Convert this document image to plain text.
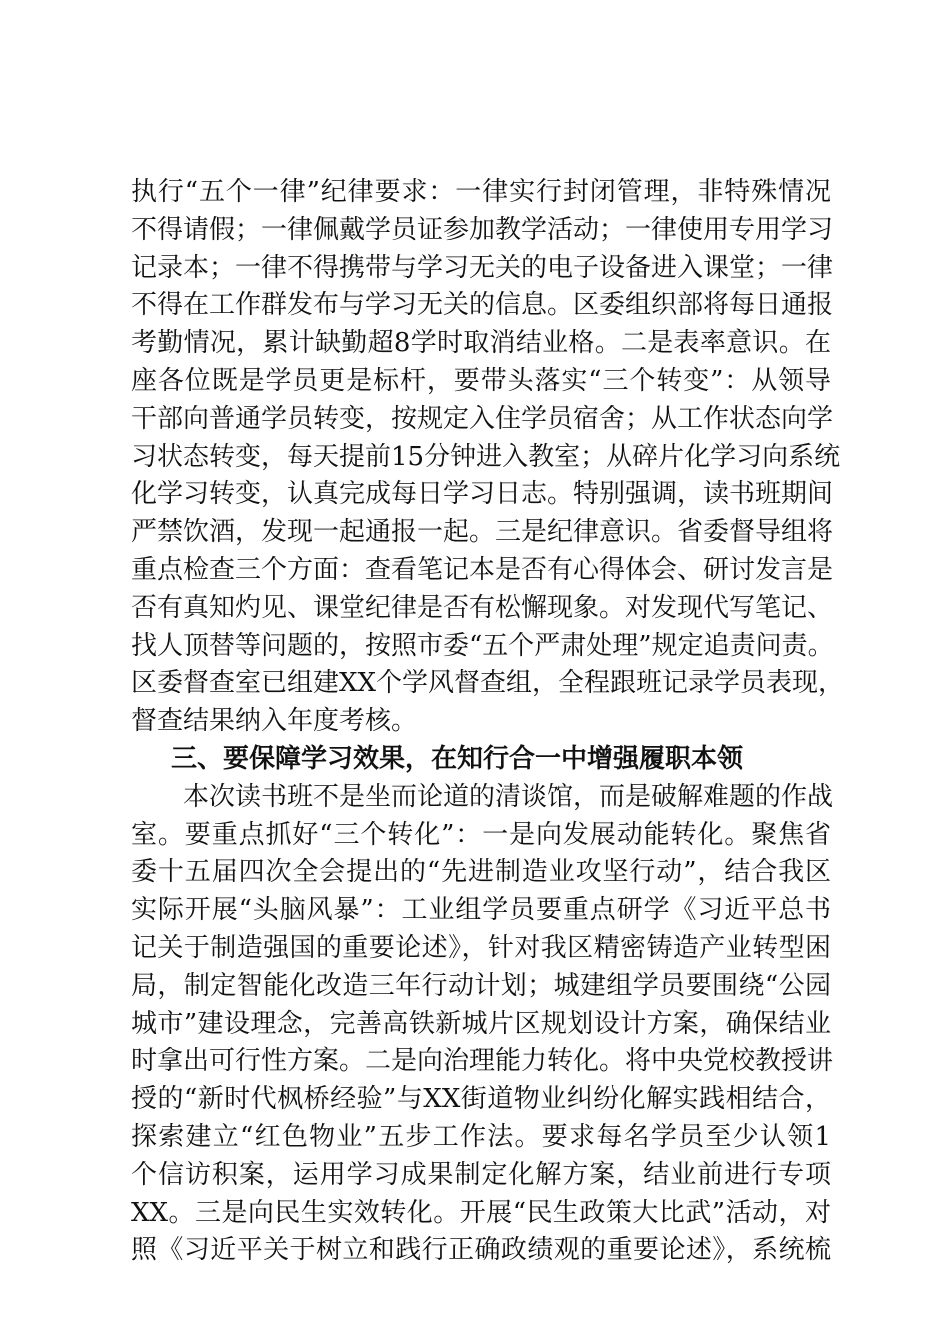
执行“五个一律”纪律要求：一律实行封闭管理，非特殊情况
不得请假；一律佩戴学员证参加教学活动；一律使用专用学习
记录本；一律不得携带与学习无关的电子设备进入课堂；一律
不得在工作群发布与学习无关的信息。区委组织部将每日通报
考勤情况，累计缺勤超8学时取消结业格。二是表率意识。在
座各位既是学员更是标杆，要带头落实“三个转变”：从领导
干部向普通学员转变，按规定入住学员宿舍；从工作状态向学
习状态转变，每天提前15分钟进入教室；从碎片化学习向系统
化学习转变，认真完成每日学习日志。特别强调，读书班期间
严禁饮酒，发现一起通报一起。三是纪律意识。省委督导组将
重点检查三个方面：查看笔记本是否有心得体会、研讨发言是
否有真知灼见、课堂纪律是否有松懈现象。对发现代写笔记、
找人顶替等问题的，按照市委“五个严肃处理”规定追责问责。
区委督查室已组建XX个学风督查组，全程跟班记录学员表现，
督查结果纳入年度考核。
三、要保障学习效果，在知行合一中增强履职本领
本次读书班不是坐而论道的清谈馆，而是破解难题的作战
室。要重点抓好“三个转化”：一是向发展动能转化。聚焦省
委十五届四次全会提出的“先进制造业攻坚行动”，结合我区
实际开展“头脑风暴”：工业组学员要重点研学《习近平总书
记关于制造强国的重要论述》，针对我区精密铸造产业转型困
局，制定智能化改造三年行动计划；城建组学员要围绕“公园
城市”建设理念，完善高铁新城片区规划设计方案，确保结业
时拿出可行性方案。二是向治理能力转化。将中央党校教授讲
授的“新时代枫桥经验”与XX街道物业纠纷化解实践相结合，
探索建立“红色物业”五步工作法。要求每名学员至少认领1
个信访积案，运用学习成果制定化解方案，结业前进行专项
XX。三是向民生实效转化。开展“民生政策大比武”活动，对
照《习近平关于树立和践行正确政绩观的重要论述》，系统梳
